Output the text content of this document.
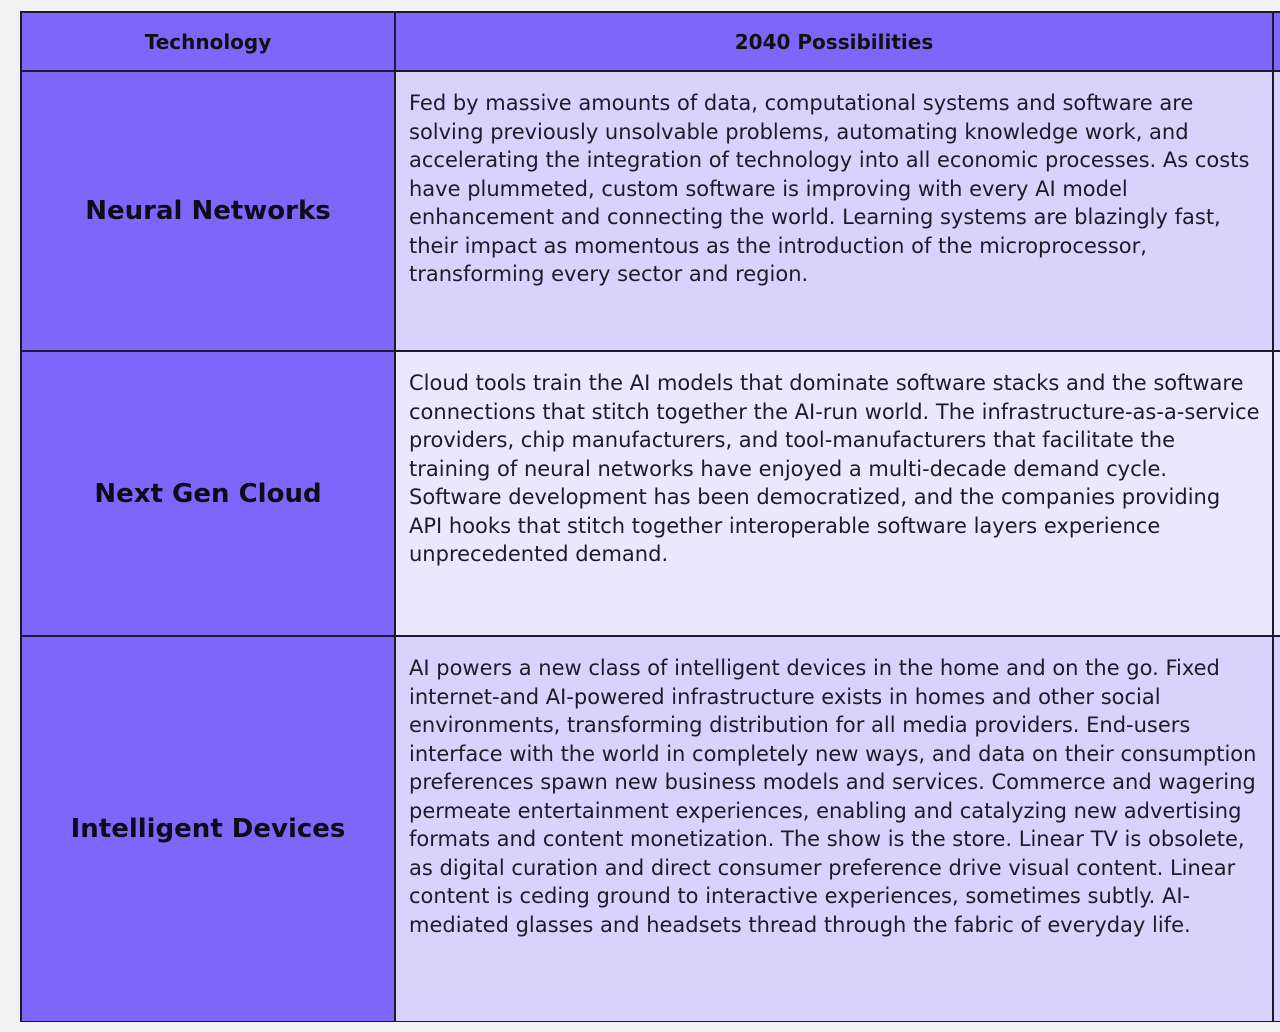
Technology	2040 Possibilities	
Neural Networks	Fed by massive amounts of data, computational systems and software are solving previously unsolvable problems, automating knowledge work, and accelerating the integration of technology into all economic processes. As costs have plummeted, custom software is improving with every AI model enhancement and connecting the world. Learning systems are blazingly fast, their impact as momentous as the introduction of the microprocessor, transforming every sector and region.	
Next Gen Cloud	Cloud tools train the AI models that dominate software stacks and the software connections that stitch together the AI-run world. The infrastructure-as-a-service providers, chip manufacturers, and tool-manufacturers that facilitate the training of neural networks have enjoyed a multi-decade demand cycle. Software development has been democratized, and the companies providing API hooks that stitch together interoperable software layers experience unprecedented demand.	
Intelligent Devices	AI powers a new class of intelligent devices in the home and on the go. Fixed internet-and AI-powered infrastructure exists in homes and other social environments, transforming distribution for all media providers. End-users interface with the world in completely new ways, and data on their consumption preferences spawn new business models and services. Commerce and wagering permeate entertainment experiences, enabling and catalyzing new advertising formats and content monetization. The show is the store. Linear TV is obsolete, as digital curation and direct consumer preference drive visual content. Linear content is ceding ground to interactive experiences, sometimes subtly. AI-mediated glasses and headsets thread through the fabric of everyday life.	
